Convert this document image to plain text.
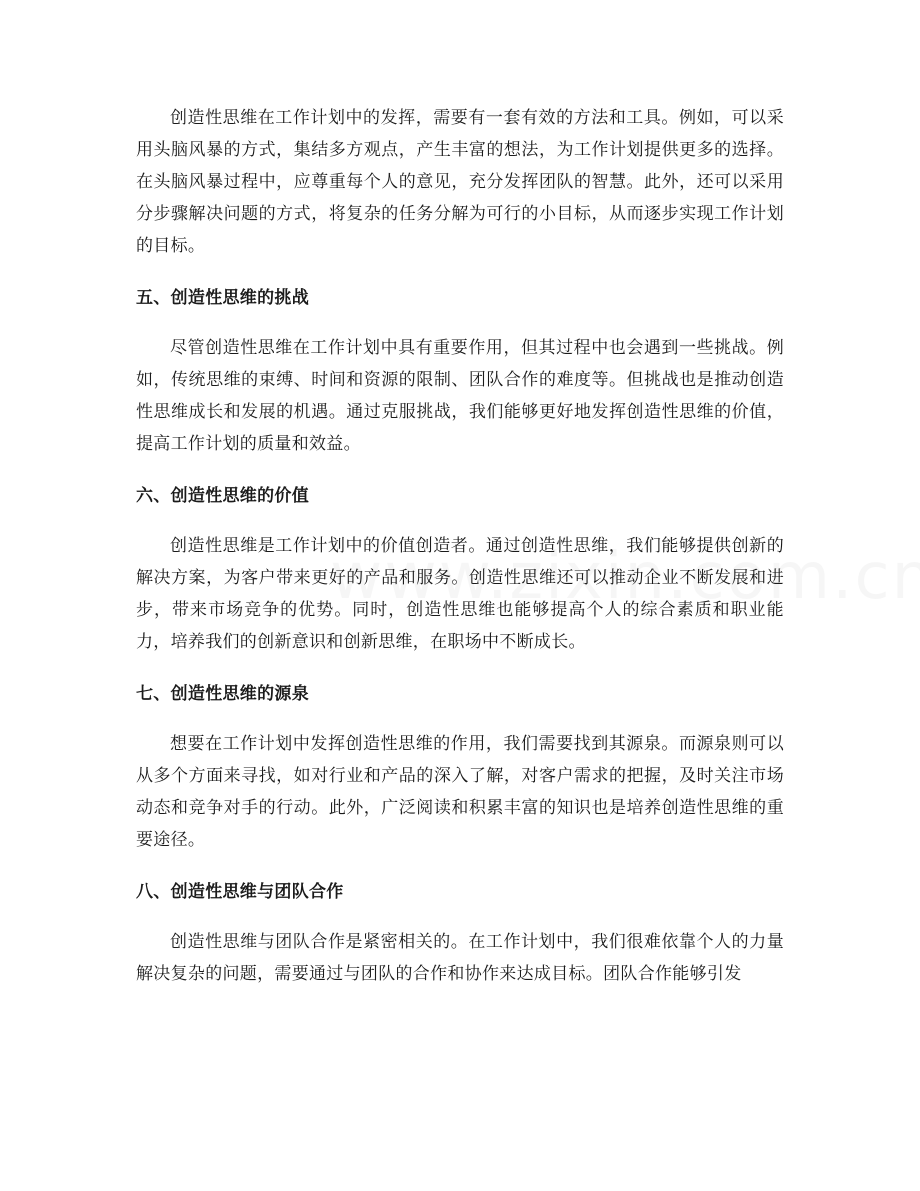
创造性思维在工作计划中的发挥，需要有一套有效的方法和工具。例如，可以采用头脑风暴的方式，集结多方观点，产生丰富的想法，为工作计划提供更多的选择。在头脑风暴过程中，应尊重每个人的意见，充分发挥团队的智慧。此外，还可以采用分步骤解决问题的方式，将复杂的任务分解为可行的小目标，从而逐步实现工作计划的目标。

五、创造性思维的挑战

尽管创造性思维在工作计划中具有重要作用，但其过程中也会遇到一些挑战。例如，传统思维的束缚、时间和资源的限制、团队合作的难度等。但挑战也是推动创造性思维成长和发展的机遇。通过克服挑战，我们能够更好地发挥创造性思维的价值，提高工作计划的质量和效益。

六、创造性思维的价值

创造性思维是工作计划中的价值创造者。通过创造性思维，我们能够提供创新的解决方案，为客户带来更好的产品和服务。创造性思维还可以推动企业不断发展和进步，带来市场竞争的优势。同时，创造性思维也能够提高个人的综合素质和职业能力，培养我们的创新意识和创新思维，在职场中不断成长。

七、创造性思维的源泉

想要在工作计划中发挥创造性思维的作用，我们需要找到其源泉。而源泉则可以从多个方面来寻找，如对行业和产品的深入了解，对客户需求的把握，及时关注市场动态和竞争对手的行动。此外，广泛阅读和积累丰富的知识也是培养创造性思维的重要途径。

八、创造性思维与团队合作

创造性思维与团队合作是紧密相关的。在工作计划中，我们很难依靠个人的力量解决复杂的问题，需要通过与团队的合作和协作来达成目标。团队合作能够引发
